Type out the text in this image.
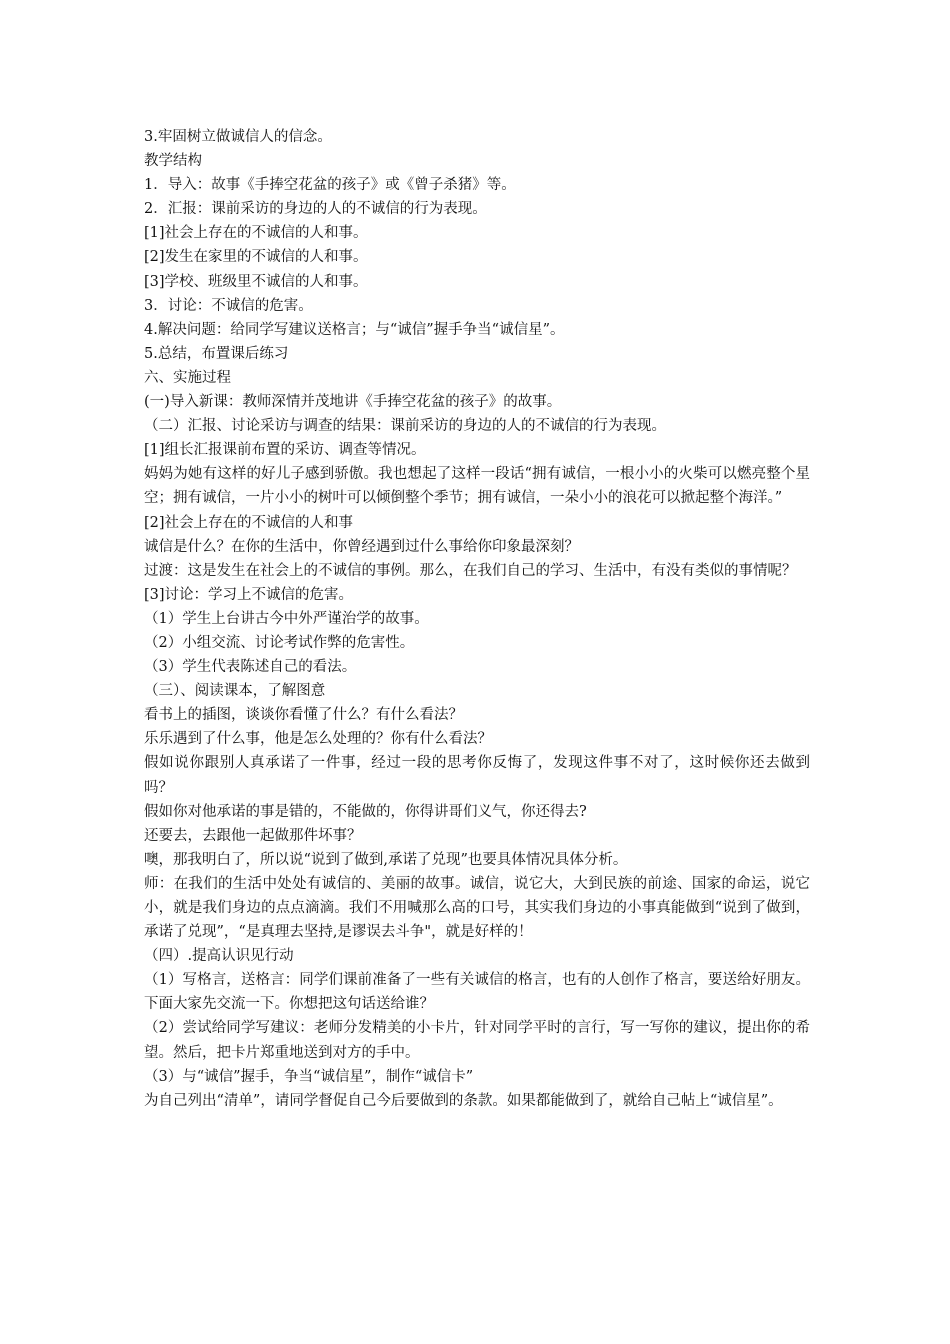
3.牢固树立做诚信人的信念。

教学结构

1．导入：故事《手捧空花盆的孩子》或《曾子杀猪》等。

2．汇报：课前采访的身边的人的不诚信的行为表现。

[1]社会上存在的不诚信的人和事。

[2]发生在家里的不诚信的人和事。

[3]学校、班级里不诚信的人和事。

3．讨论：不诚信的危害。

4.解决问题：给同学写建议送格言；与“诚信”握手争当“诚信星”。

5.总结，布置课后练习

六、实施过程

(一)导入新课：教师深情并茂地讲《手捧空花盆的孩子》的故事。

（二）汇报、讨论采访与调查的结果：课前采访的身边的人的不诚信的行为表现。

[1]组长汇报课前布置的采访、调查等情况。

妈妈为她有这样的好儿子感到骄傲。我也想起了这样一段话“拥有诚信，一根小小的火柴可以燃亮整个星空；拥有诚信，一片小小的树叶可以倾倒整个季节；拥有诚信，一朵小小的浪花可以掀起整个海洋。”

[2]社会上存在的不诚信的人和事

诚信是什么？在你的生活中，你曾经遇到过什么事给你印象最深刻？

过渡：这是发生在社会上的不诚信的事例。那么，在我们自己的学习、生活中，有没有类似的事情呢？

[3]讨论：学习上不诚信的危害。

（1）学生上台讲古今中外严谨治学的故事。

（2）小组交流、讨论考试作弊的危害性。

（3）学生代表陈述自己的看法。

（三）、阅读课本，了解图意

看书上的插图，谈谈你看懂了什么？有什么看法？

乐乐遇到了什么事，他是怎么处理的？你有什么看法？

假如说你跟别人真承诺了一件事，经过一段的思考你反悔了，发现这件事不对了，这时候你还去做到吗？

假如你对他承诺的事是错的，不能做的，你得讲哥们义气，你还得去?

还要去，去跟他一起做那件坏事？

噢，那我明白了，所以说“说到了做到,承诺了兑现”也要具体情况具体分析。

师：在我们的生活中处处有诚信的、美丽的故事。诚信，说它大，大到民族的前途、国家的命运，说它小，就是我们身边的点点滴滴。我们不用喊那么高的口号，其实我们身边的小事真能做到“说到了做到，承诺了兑现”，“是真理去坚持,是谬误去斗争"，就是好样的！

（四）.提高认识见行动

（1）写格言，送格言：同学们课前准备了一些有关诚信的格言，也有的人创作了格言，要送给好朋友。下面大家先交流一下。你想把这句话送给谁？

（2）尝试给同学写建议：老师分发精美的小卡片，针对同学平时的言行，写一写你的建议，提出你的希望。然后，把卡片郑重地送到对方的手中。

（3）与“诚信”握手，争当“诚信星”，制作“诚信卡”

为自己列出“清单”，请同学督促自己今后要做到的条款。如果都能做到了，就给自己帖上“诚信星”。
